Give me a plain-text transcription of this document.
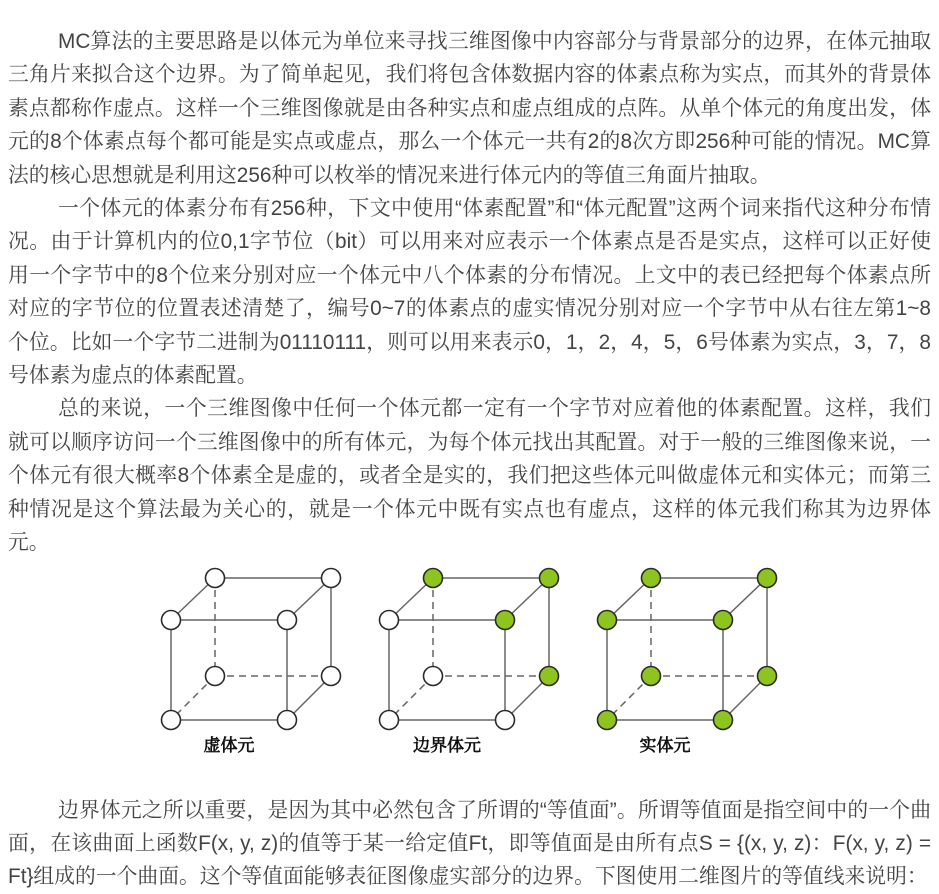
MC算法的主要思路是以体元为单位来寻找三维图像中内容部分与背景部分的边界，在体元抽取三角片来拟合这个边界。为了简单起见，我们将包含体数据内容的体素点称为实点，而其外的背景体素点都称作虚点。这样一个三维图像就是由各种实点和虚点组成的点阵。从单个体元的角度出发，体元的8个体素点每个都可能是实点或虚点，那么一个体元一共有2的8次方即256种可能的情况。MC算法的核心思想就是利用这256种可以枚举的情况来进行体元内的等值三角面片抽取。

一个体元的体素分布有256种，下文中使用“体素配置”和“体元配置”这两个词来指代这种分布情况。由于计算机内的位0,1字节位（bit）可以用来对应表示一个体素点是否是实点，这样可以正好使用一个字节中的8个位来分别对应一个体元中八个体素的分布情况。上文中的表已经把每个体素点所对应的字节位的位置表述清楚了，编号0~7的体素点的虚实情况分别对应一个字节中从右往左第1~8个位。比如一个字节二进制为01110111，则可以用来表示0，1，2，4，5，6号体素为实点，3，7，8号体素为虚点的体素配置。

总的来说，一个三维图像中任何一个体元都一定有一个字节对应着他的体素配置。这样，我们就可以顺序访问一个三维图像中的所有体元，为每个体元找出其配置。对于一般的三维图像来说，一个体元有很大概率8个体素全是虚的，或者全是实的，我们把这些体元叫做虚体元和实体元；而第三种情况是这个算法最为关心的，就是一个体元中既有实点也有虚点，这样的体元我们称其为边界体元。

虚体元	边界体元	实体元

边界体元之所以重要，是因为其中必然包含了所谓的“等值面”。所谓等值面是指空间中的一个曲面，在该曲面上函数F(x, y, z)的值等于某一给定值Ft，即等值面是由所有点S = {(x, y, z)：F(x, y, z) = Ft}组成的一个曲面。这个等值面能够表征图像虚实部分的边界。下图使用二维图片的等值线来说明：
